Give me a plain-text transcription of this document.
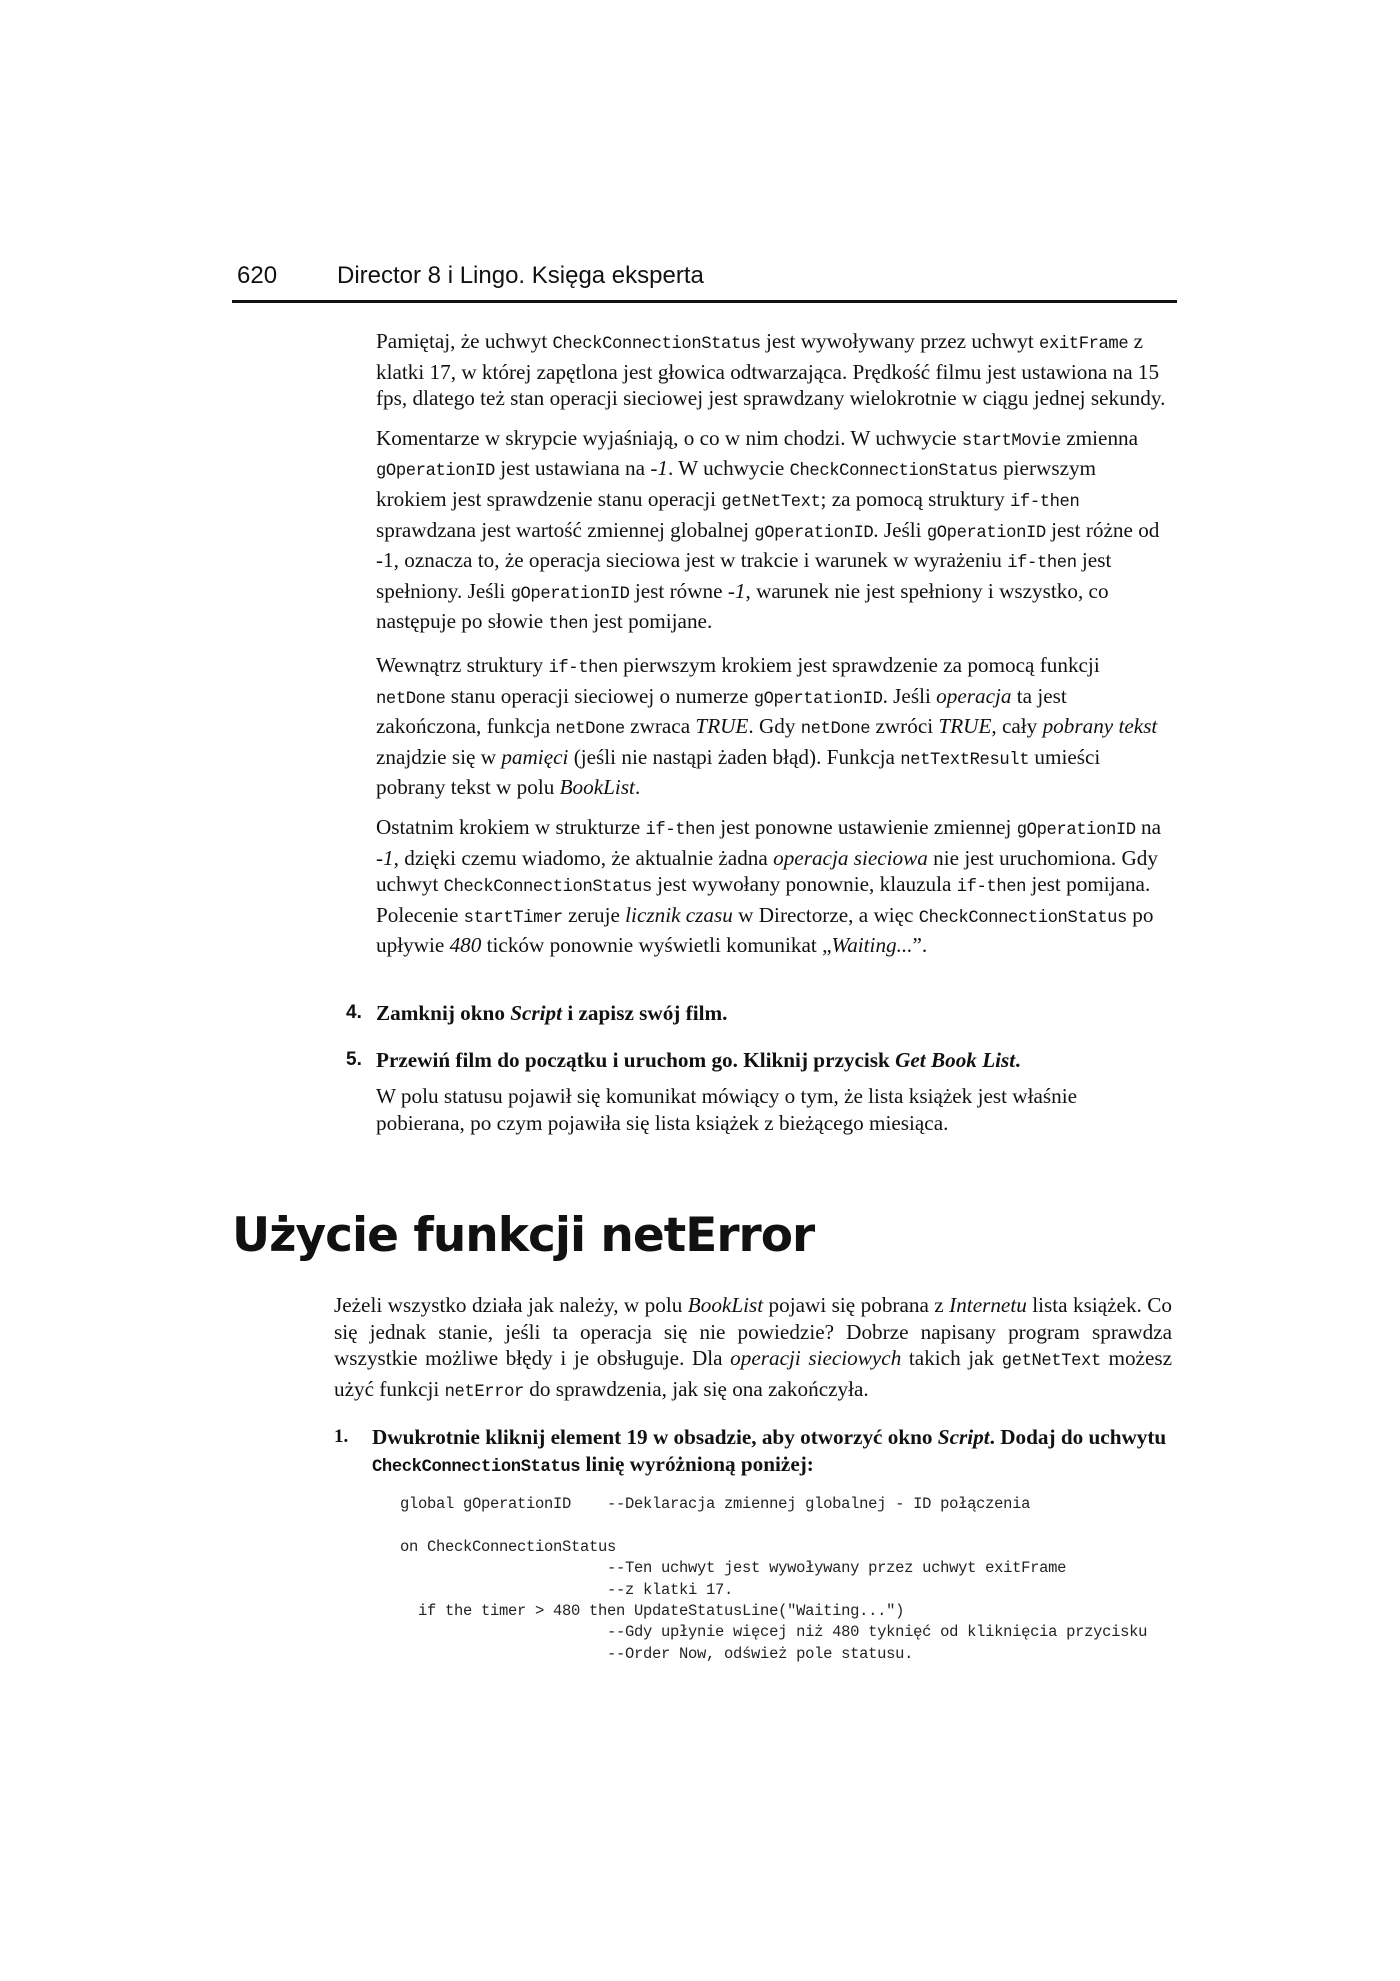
620 Director 8 i Lingo. Księga eksperta

Pamiętaj, że uchwyt CheckConnectionStatus jest wywoływany przez uchwyt exitFrame z klatki 17, w której zapętlona jest głowica odtwarzająca. Prędkość filmu jest ustawiona na 15 fps, dlatego też stan operacji sieciowej jest sprawdzany wielokrotnie w ciągu jednej sekundy.

Komentarze w skrypcie wyjaśniają, o co w nim chodzi. W uchwycie startMovie zmienna gOperationID jest ustawiana na -1. W uchwycie CheckConnectionStatus pierwszym krokiem jest sprawdzenie stanu operacji getNetText; za pomocą struktury if-then sprawdzana jest wartość zmiennej globalnej gOperationID. Jeśli gOperationID jest różne od -1, oznacza to, że operacja sieciowa jest w trakcie i warunek w wyrażeniu if-then jest spełniony. Jeśli gOperationID jest równe -1, warunek nie jest spełniony i wszystko, co następuje po słowie then jest pomijane.

Wewnątrz struktury if-then pierwszym krokiem jest sprawdzenie za pomocą funkcji netDone stanu operacji sieciowej o numerze gOpertationID. Jeśli operacja ta jest zakończona, funkcja netDone zwraca TRUE. Gdy netDone zwróci TRUE, cały pobrany tekst znajdzie się w pamięci (jeśli nie nastąpi żaden błąd). Funkcja netTextResult umieści pobrany tekst w polu BookList.

Ostatnim krokiem w strukturze if-then jest ponowne ustawienie zmiennej gOperationID na -1, dzięki czemu wiadomo, że aktualnie żadna operacja sieciowa nie jest uruchomiona. Gdy uchwyt CheckConnectionStatus jest wywołany ponownie, klauzula if-then jest pomijana. Polecenie startTimer zeruje licznik czasu w Directorze, a więc CheckConnectionStatus po upływie 480 ticków ponownie wyświetli komunikat „Waiting...”.

4. Zamknij okno Script i zapisz swój film.
5. Przewiń film do początku i uruchom go. Kliknij przycisk Get Book List.

W polu statusu pojawił się komunikat mówiący o tym, że lista książek jest właśnie pobierana, po czym pojawiła się lista książek z bieżącego miesiąca.

Użycie funkcji netError

Jeżeli wszystko działa jak należy, w polu BookList pojawi się pobrana z Internetu lista książek. Co się jednak stanie, jeśli ta operacja się nie powiedzie? Dobrze napisany program sprawdza wszystkie możliwe błędy i je obsługuje. Dla operacji sieciowych takich jak getNetText możesz użyć funkcji netError do sprawdzenia, jak się ona zakończyła.

1.	Dwukrotnie kliknij element 19 w obsadzie, aby otworzyć okno Script. Dodaj do uchwytu CheckConnectionStatus linię wyróżnioną poniżej:
global gOperationID    --Deklaracja zmiennej globalnej - ID połączenia

on CheckConnectionStatus
--Ten uchwyt jest wywoływany przez uchwyt exitFrame
--z klatki 17.
if the timer > 480 then UpdateStatusLine("Waiting...")
--Gdy upłynie więcej niż 480 tyknięć od kliknięcia przycisku
--Order Now, odśwież pole statusu.
